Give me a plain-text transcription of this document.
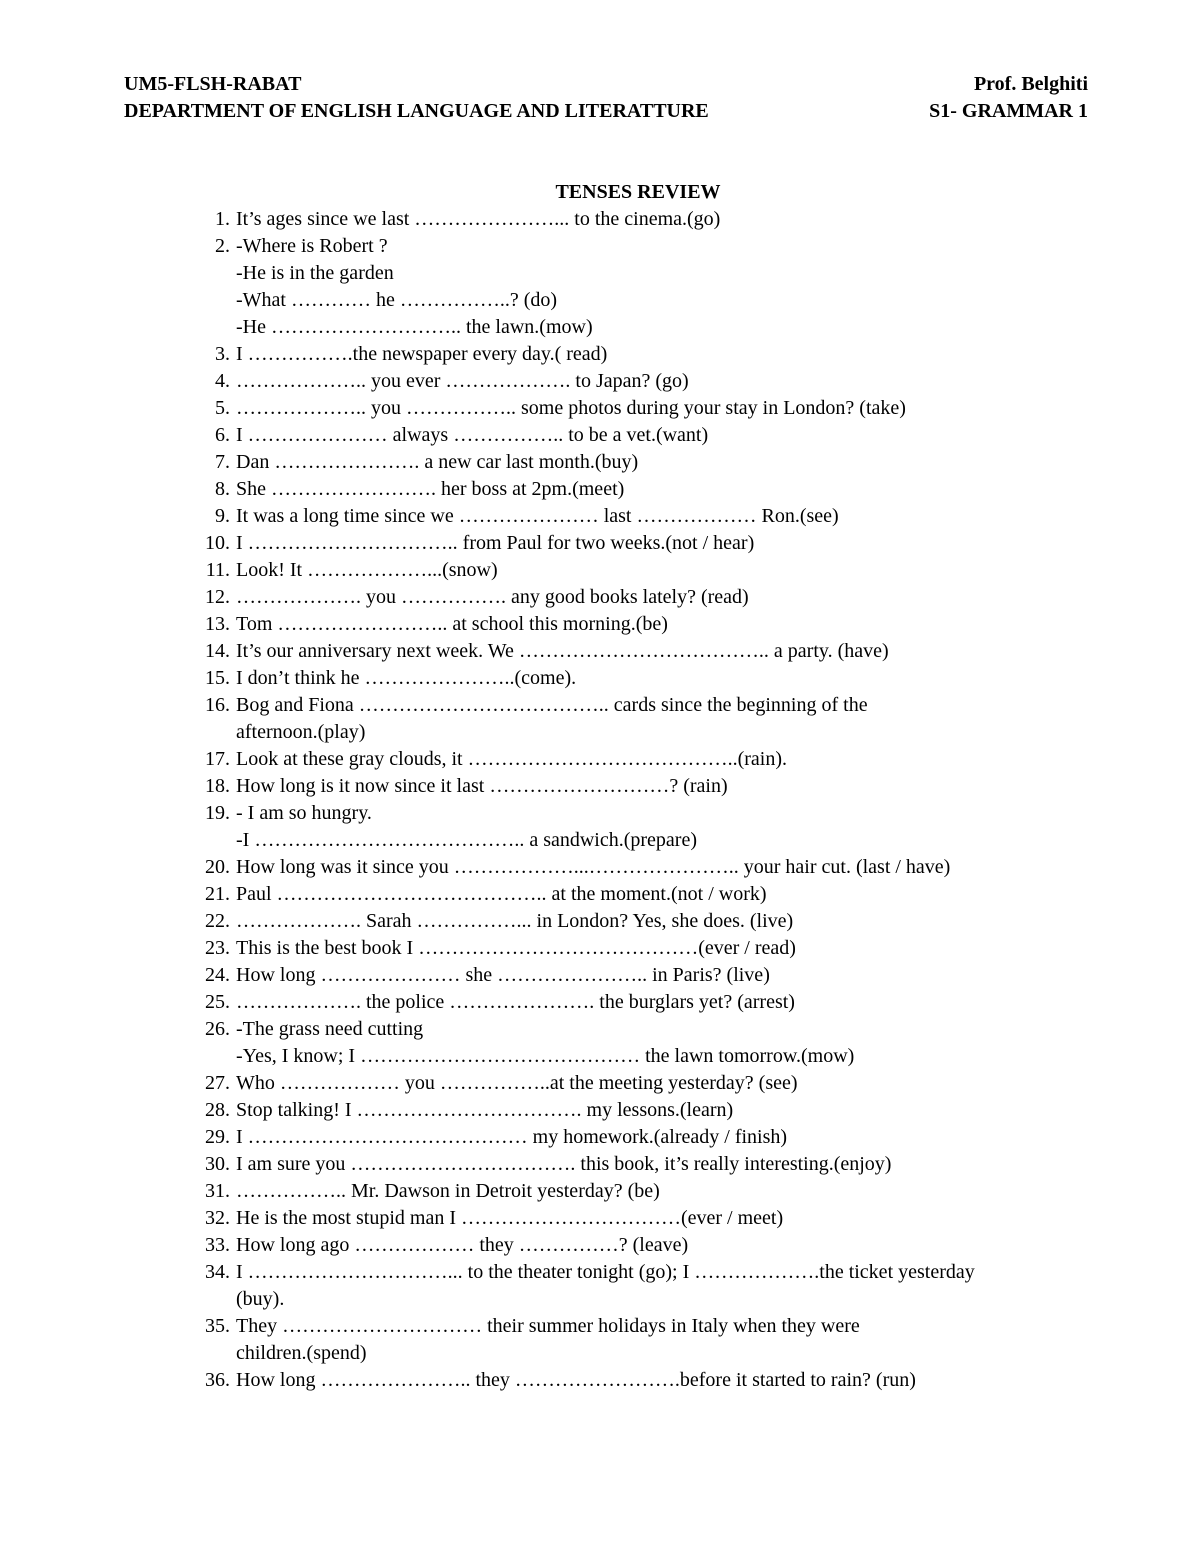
UM5-FLSH-RABAT
DEPARTMENT OF ENGLISH LANGUAGE AND LITERATTURE
Prof. Belghiti
S1- GRAMMAR 1
TENSES REVIEW
1. It’s ages since we last …………………... to the cinema.(go)
2. -Where is Robert ?
-He is in the garden
-What ………… he ……………..? (do)
-He ……………………….. the lawn.(mow)
3. I …………….the newspaper every day.( read)
4. ……………….. you ever ………………. to Japan? (go)
5. ……………….. you …………….. some photos during your stay in London? (take)
6. I ………………… always …………….. to be a vet.(want)
7. Dan …………………. a new car last month.(buy)
8. She ……………………. her boss at 2pm.(meet)
9. It was a long time since we ………………… last ……………… Ron.(see)
10. I ………………………….. from Paul for two weeks.(not / hear)
11. Look! It ………………...(snow)
12. ………………. you ……………. any good books lately? (read)
13. Tom …………………….. at school this morning.(be)
14. It’s our anniversary next week. We ……………………………….. a party. (have)
15. I don’t think he …………………..(come).
16. Bog and Fiona ……………………………….. cards since the beginning of the
afternoon.(play)
17. Look at these gray clouds, it …………………………………..(rain).
18. How long is it now since it last ………………………? (rain)
19. - I am so hungry.
-I ………………………………….. a sandwich.(prepare)
20. How long was it since you ………………...………………….. your hair cut. (last / have)
21. Paul ………………………………….. at the moment.(not / work)
22. ………………. Sarah ……………... in London? Yes, she does. (live)
23. This is the best book I ……………………………………(ever / read)
24. How long ………………… she ………………….. in Paris? (live)
25. ………………. the police …………………. the burglars yet? (arrest)
26. -The grass need cutting
-Yes, I know; I …………………………………… the lawn tomorrow.(mow)
27. Who ……………… you ……………..at the meeting yesterday? (see)
28. Stop talking! I ……………………………. my lessons.(learn)
29. I …………………………………… my homework.(already / finish)
30. I am sure you ……………………………. this book, it’s really interesting.(enjoy)
31. …………….. Mr. Dawson in Detroit yesterday? (be)
32. He is the most stupid man I ……………………………(ever / meet)
33. How long ago ……………… they ……………? (leave)
34. I …………………………... to the theater tonight (go); I ……………….the ticket yesterday
(buy).
35. They ………………………… their summer holidays in Italy when they were
children.(spend)
36. How long ………………….. they …………………….before it started to rain? (run)
